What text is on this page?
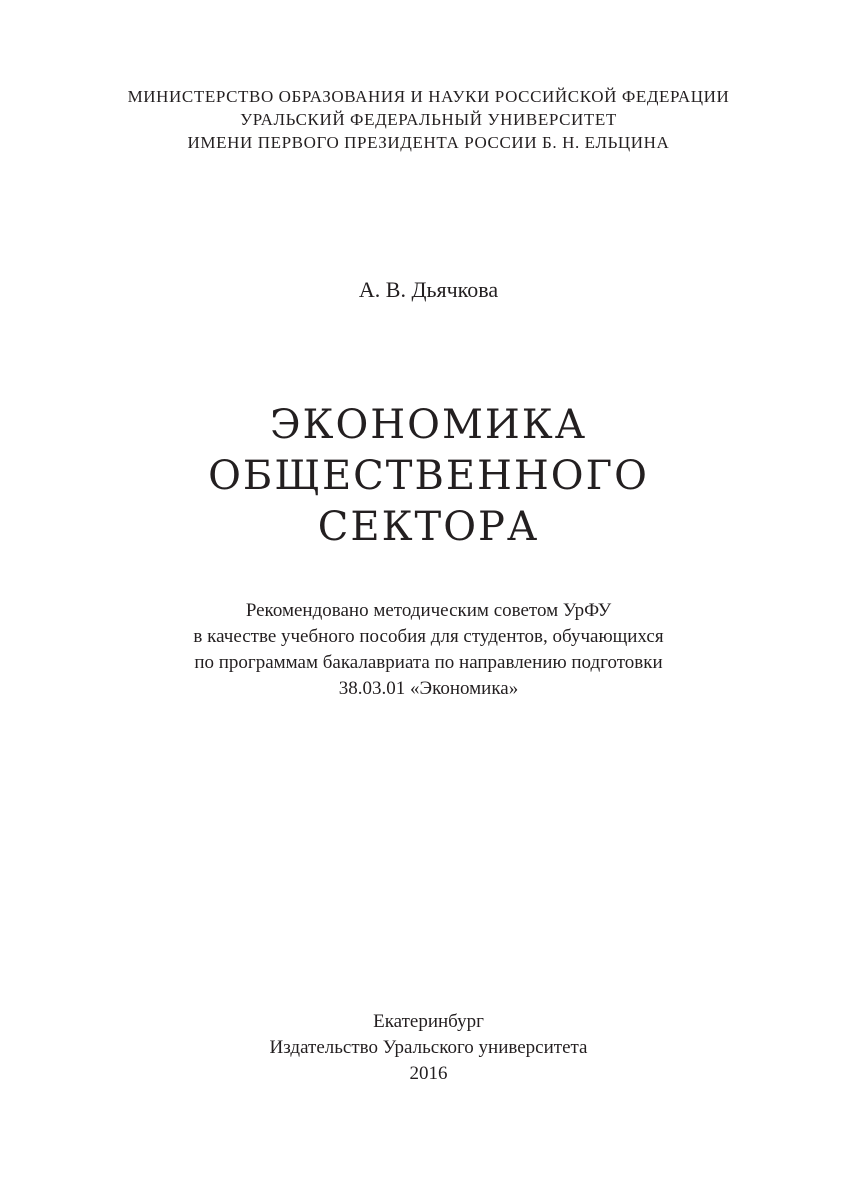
МИНИСТЕРСТВО ОБРАЗОВАНИЯ И НАУКИ РОССИЙСКОЙ ФЕДЕРАЦИИ
УРАЛЬСКИЙ ФЕДЕРАЛЬНЫЙ УНИВЕРСИТЕТ
ИМЕНИ ПЕРВОГО ПРЕЗИДЕНТА РОССИИ Б. Н. ЕЛЬЦИНА
А. В. Дьячкова
ЭКОНОМИКА
ОБЩЕСТВЕННОГО
СЕКТОРА
Рекомендовано методическим советом УрФУ
в качестве учебного пособия для студентов, обучающихся
по программам бакалавриата по направлению подготовки
38.03.01 «Экономика»
Екатеринбург
Издательство Уральского университета
2016
